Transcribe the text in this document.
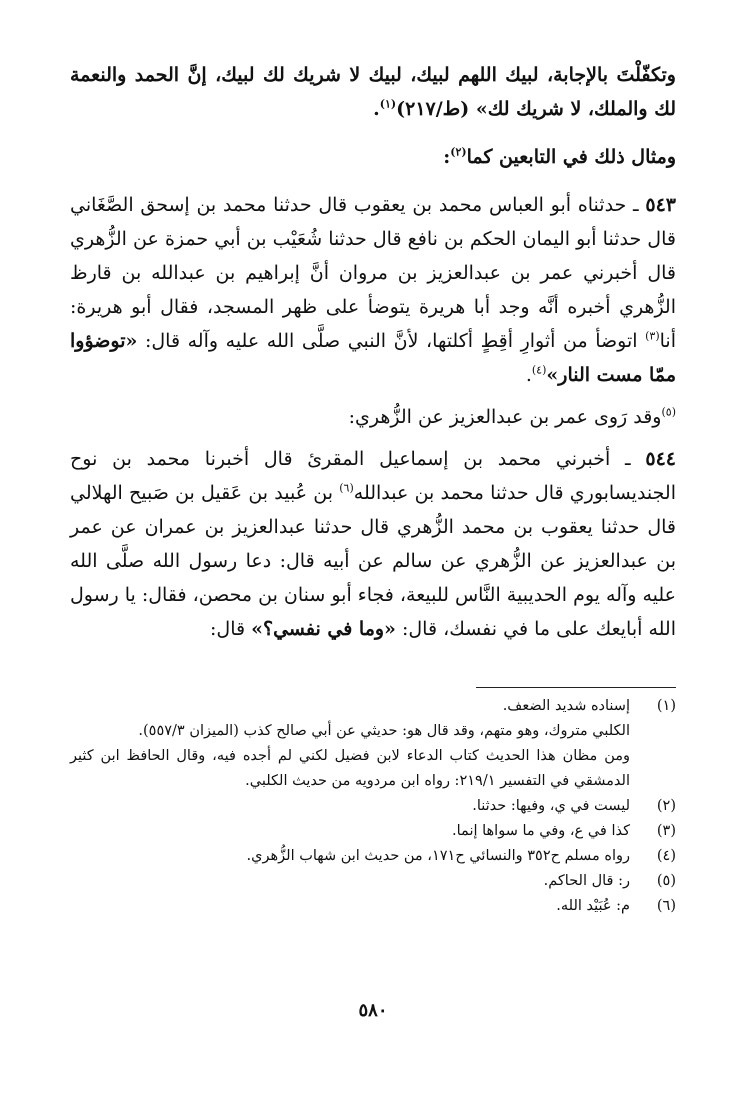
وتكفّلْتَ بالإجابة، لبيك اللهم لبيك، لبيك لا شريك لك لبيك، إنَّ الحمد والنعمة لك والملك، لا شريك لك» (ط/٢١٧)$^{(١)}$.

ومثال ذلك في التابعين كما$^{(٢)}$:

٥٤٣ ـ حدثناه أبو العباس محمد بن يعقوب قال حدثنا محمد بن إسحق الصَّغَاني قال حدثنا أبو اليمان الحكم بن نافع قال حدثنا شُعَيْب بن أبي حمزة عن الزُّهري قال أخبرني عمر بن عبدالعزيز بن مروان أنَّ إبراهيم بن عبدالله بن قارظ الزُّهري أخبره أنَّه وجد أبا هريرة يتوضأ على ظهر المسجد، فقال أبو هريرة: أنا$^{(٣)}$ اتوضأ من أثوارِ أقِطٍ أكلتها، لأنَّ النبي صلَّى الله عليه وآله قال: «توضؤوا ممّا مست النار»$^{(٤)}$.

$^{(٥)}$وقد رَوى عمر بن عبدالعزيز عن الزُّهري:

٥٤٤ ـ أخبرني محمد بن إسماعيل المقرئ قال أخبرنا محمد بن نوح الجنديسابوري قال حدثنا محمد بن عبدالله$^{(٦)}$ بن عُبيد بن عَقيل بن صَبيح الهلالي قال حدثنا يعقوب بن محمد الزُّهري قال حدثنا عبدالعزيز بن عمران عن عمر بن عبدالعزيز عن الزُّهري عن سالم عن أبيه قال: دعا رسول الله صلَّى الله عليه وآله يوم الحديبية النَّاس للبيعة، فجاء أبو سنان بن محصن، فقال: يا رسول الله أبايعك على ما في نفسك، قال: «وما في نفسي؟» قال:

(١)
إسناده شديد الضعف.
الكلبي متروك، وهو متهم، وقد قال هو: حديثي عن أبي صالح كذب (الميزان ٥٥٧/٣).
ومن مظان هذا الحديث كتاب الدعاء لابن فضيل لكني لم أجده فيه، وقال الحافظ ابن كثير الدمشقي في التفسير ٢١٩/١: رواه ابن مردويه من حديث الكلبي.
(٢)
ليست في ي، وفيها: حدثنا.
(٣)
كذا في ع، وفي ما سواها إنما.
(٤)
رواه مسلم ح٣٥٢ والنسائي ح١٧١، من حديث ابن شهاب الزُّهري.
(٥)
ر: قال الحاكم.
(٦)
م: عُبَيْد الله.
٥٨٠
